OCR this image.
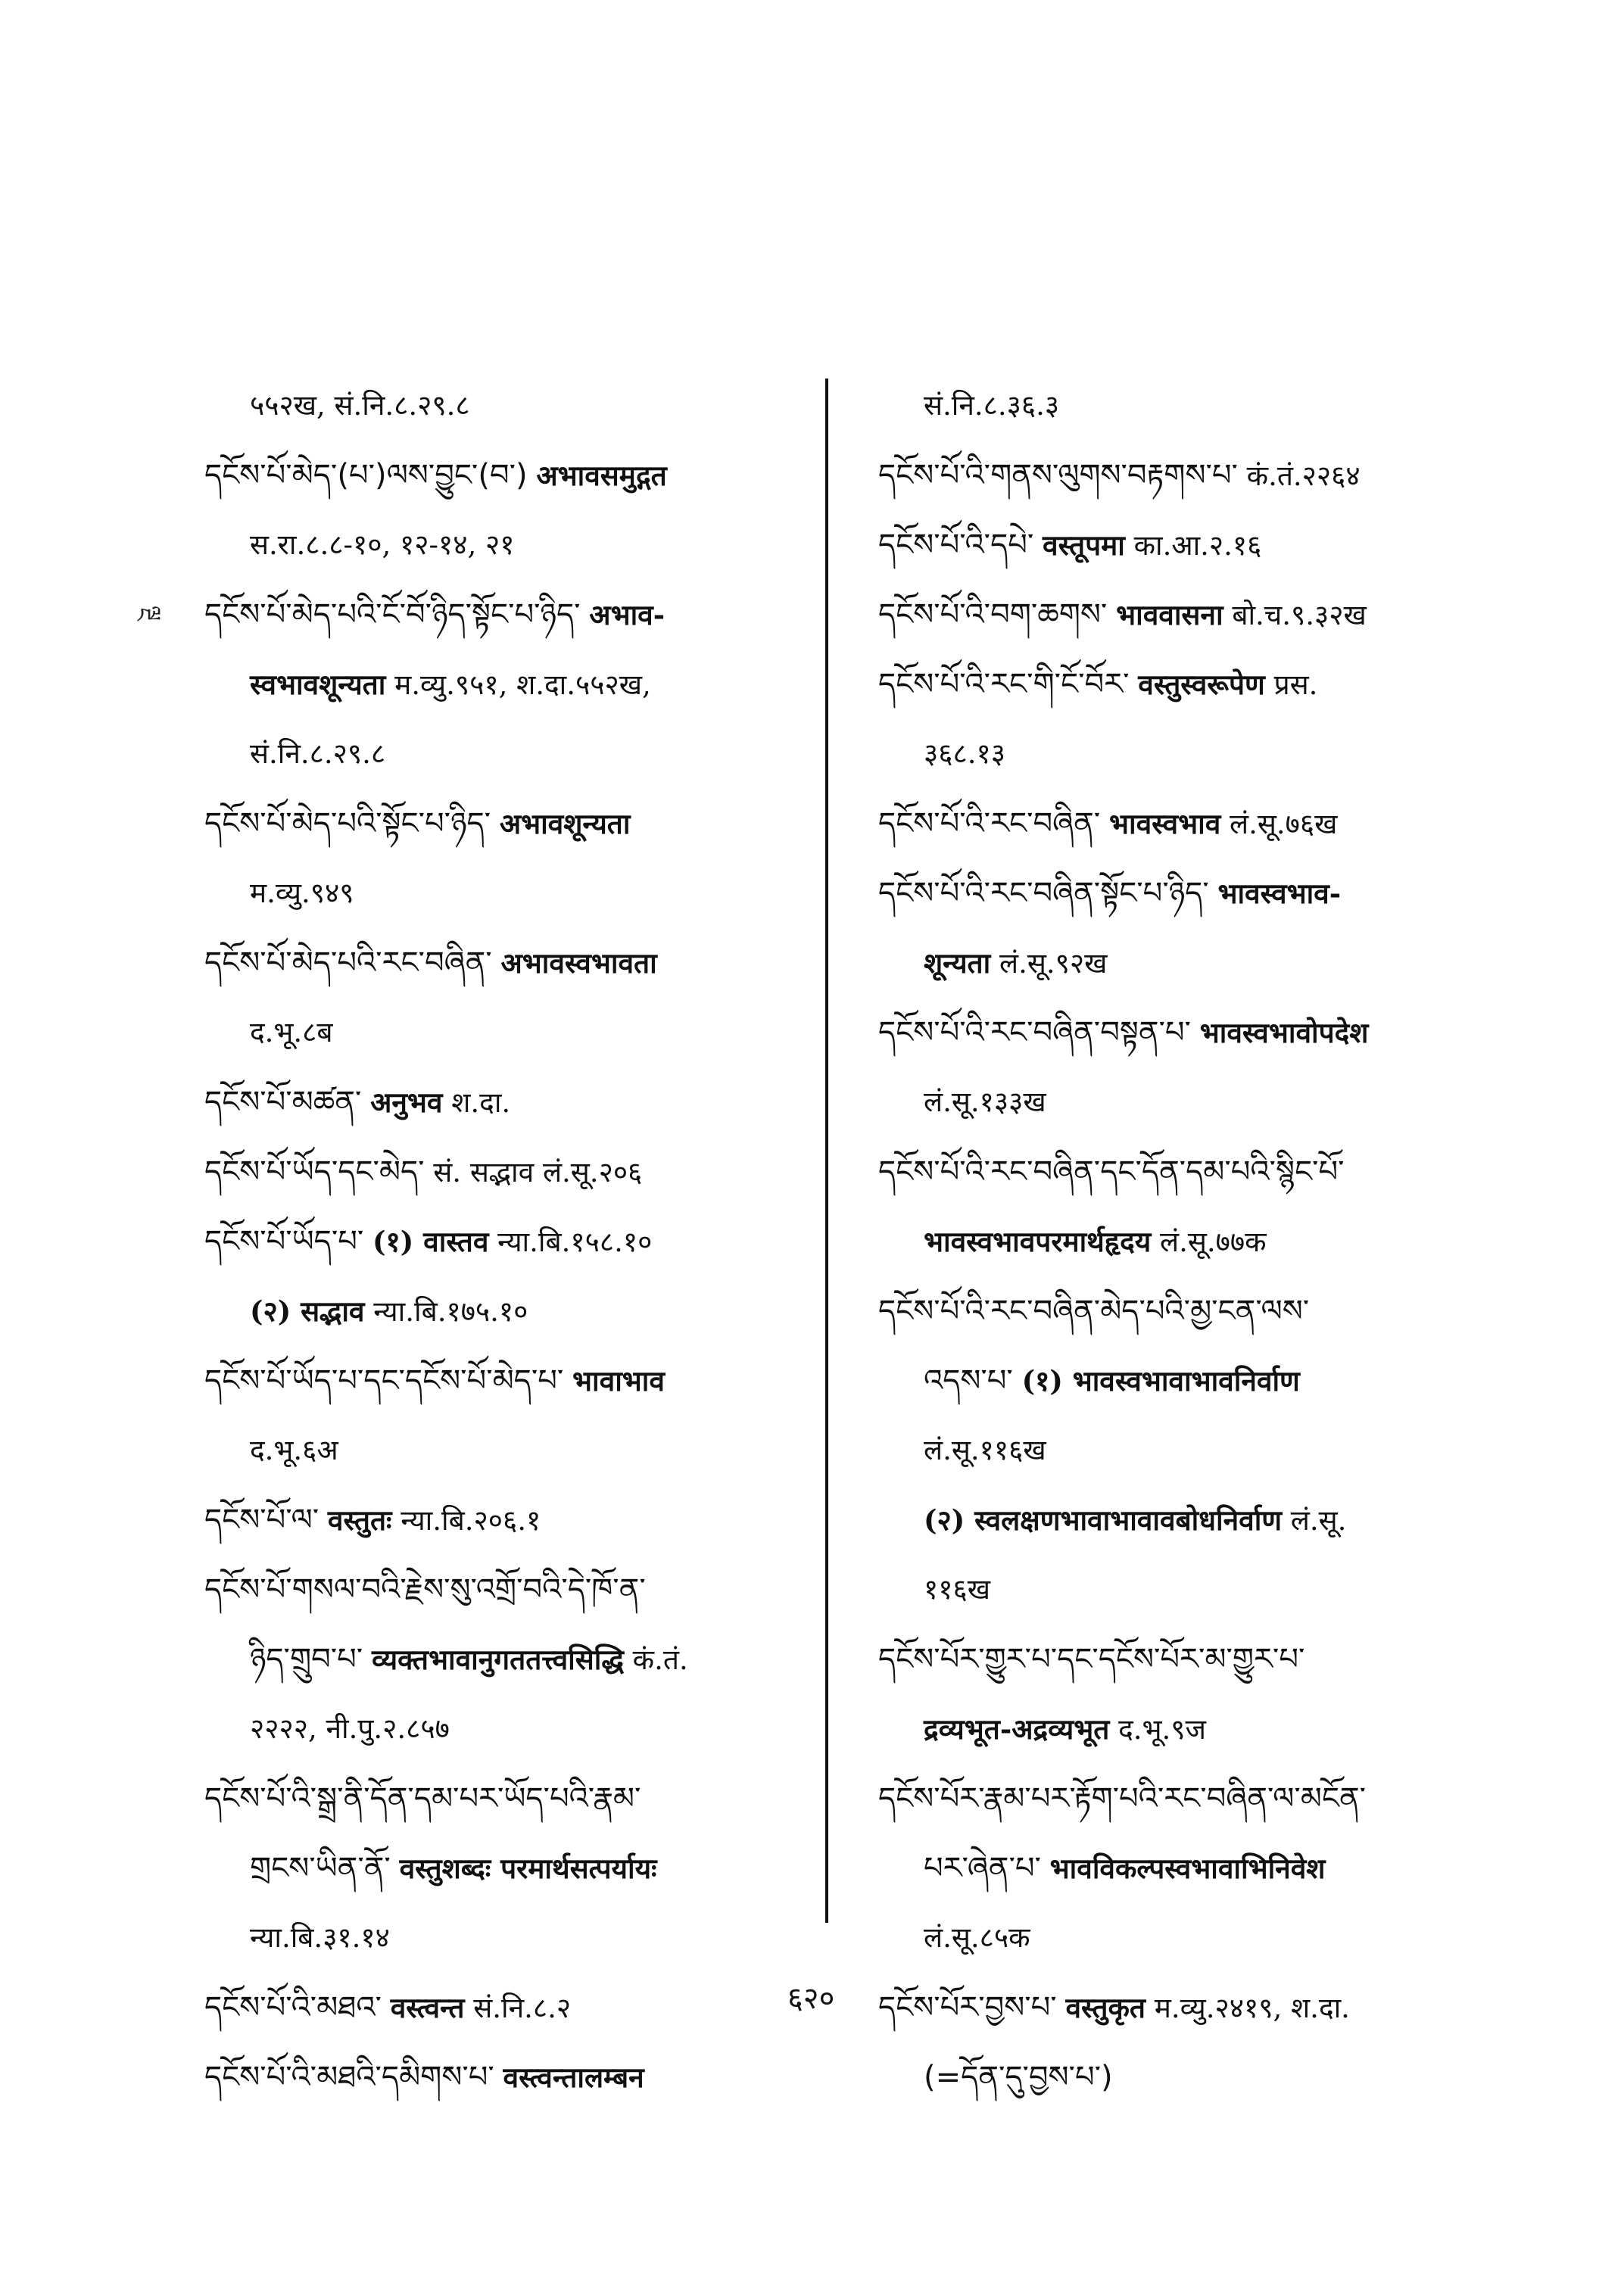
ལྔ
५५२ख, सं.नि.८.२९.८
དངོས་པོ་མེད་(པ་)ལས་བྱུང་(བ་) अभावसमुद्गत
स.रा.८.८-१०, १२-१४, २१
དངོས་པོ་མེད་པའི་ངོ་བོ་ཉིད་སྟོང་པ་ཉིད་ अभाव-
स्वभावशून्यता म.व्यु.९५१, श.दा.५५२ख,
सं.नि.८.२९.८
དངོས་པོ་མེད་པའི་སྟོང་པ་ཉིད་ अभावशून्यता
म.व्यु.९४९
དངོས་པོ་མེད་པའི་རང་བཞིན་ अभावस्वभावता
द.भू.८ब
དངོས་པོ་མཚན་ अनुभव श.दा.
དངོས་པོ་ཡོད་དང་མེད་ सं. सद्भाव लं.सू.२०६
དངོས་པོ་ཡོད་པ་ (१) वास्तव न्या.बि.१५८.१०
(२) सद्भाव न्या.बि.१७५.१०
དངོས་པོ་ཡོད་པ་དང་དངོས་པོ་མེད་པ་ भावाभाव
द.भू.६अ
དངོས་པོ་ལ་ वस्तुतः न्या.बि.२०६.१
དངོས་པོ་གསལ་བའི་རྗེས་སུ་འགྲོ་བའི་དེ་ཁོ་ན་
ཉིད་གྲུབ་པ་ व्यक्तभावानुगततत्त्वसिद्धि कं.तं.
२२२२, नी.पु.२.८५७
དངོས་པོ་འི་སྒྲ་ནི་དོན་དམ་པར་ཡོད་པའི་རྣམ་
གྲངས་ཡིན་ནོ་ वस्तुशब्दः परमार्थसत्पर्यायः
न्या.बि.३१.१४
དངོས་པོ་འི་མཐའ་ वस्त्वन्त सं.नि.८.२
དངོས་པོ་འི་མཐའི་དམིགས་པ་ वस्त्वन्तालम्बन
सं.नि.८.३६.३
དངོས་པོ་འི་གནས་ལུགས་བརྟགས་པ་ कं.तं.२२६४
དངོས་པོ་འི་དཔེ་ वस्तूपमा का.आ.२.१६
དངོས་པོ་འི་བག་ཆགས་ भाववासना बो.च.९.३२ख
དངོས་པོ་འི་རང་གི་ངོ་བོར་ वस्तुस्वरूपेण प्रस.
३६८.१३
དངོས་པོ་འི་རང་བཞིན་ भावस्वभाव लं.सू.७६ख
དངོས་པོ་འི་རང་བཞིན་སྟོང་པ་ཉིད་ भावस्वभाव-
शून्यता लं.सू.९२ख
དངོས་པོ་འི་རང་བཞིན་བསྟན་པ་ भावस्वभावोपदेश
लं.सू.१३३ख
དངོས་པོ་འི་རང་བཞིན་དང་དོན་དམ་པའི་སྙིང་པོ་
भावस्वभावपरमार्थहृदय लं.सू.७७क
དངོས་པོ་འི་རང་བཞིན་མེད་པའི་མྱ་ངན་ལས་
འདས་པ་ (१) भावस्वभावाभावनिर्वाण
लं.सू.११६ख
(२) स्वलक्षणभावाभावावबोधनिर्वाण लं.सू.
११६ख
དངོས་པོར་གྱུར་པ་དང་དངོས་པོར་མ་གྱུར་པ་
द्रव्यभूत-अद्रव्यभूत द.भू.९ज
དངོས་པོར་རྣམ་པར་རྟོག་པའི་རང་བཞིན་ལ་མངོན་
པར་ཞེན་པ་ भावविकल्पस्वभावाभिनिवेश
लं.सू.८५क
དངོས་པོར་བྱས་པ་ वस्तुकृत म.व्यु.२४१९, श.दा.
(=དོན་དུ་བྱས་པ་)
६२०
